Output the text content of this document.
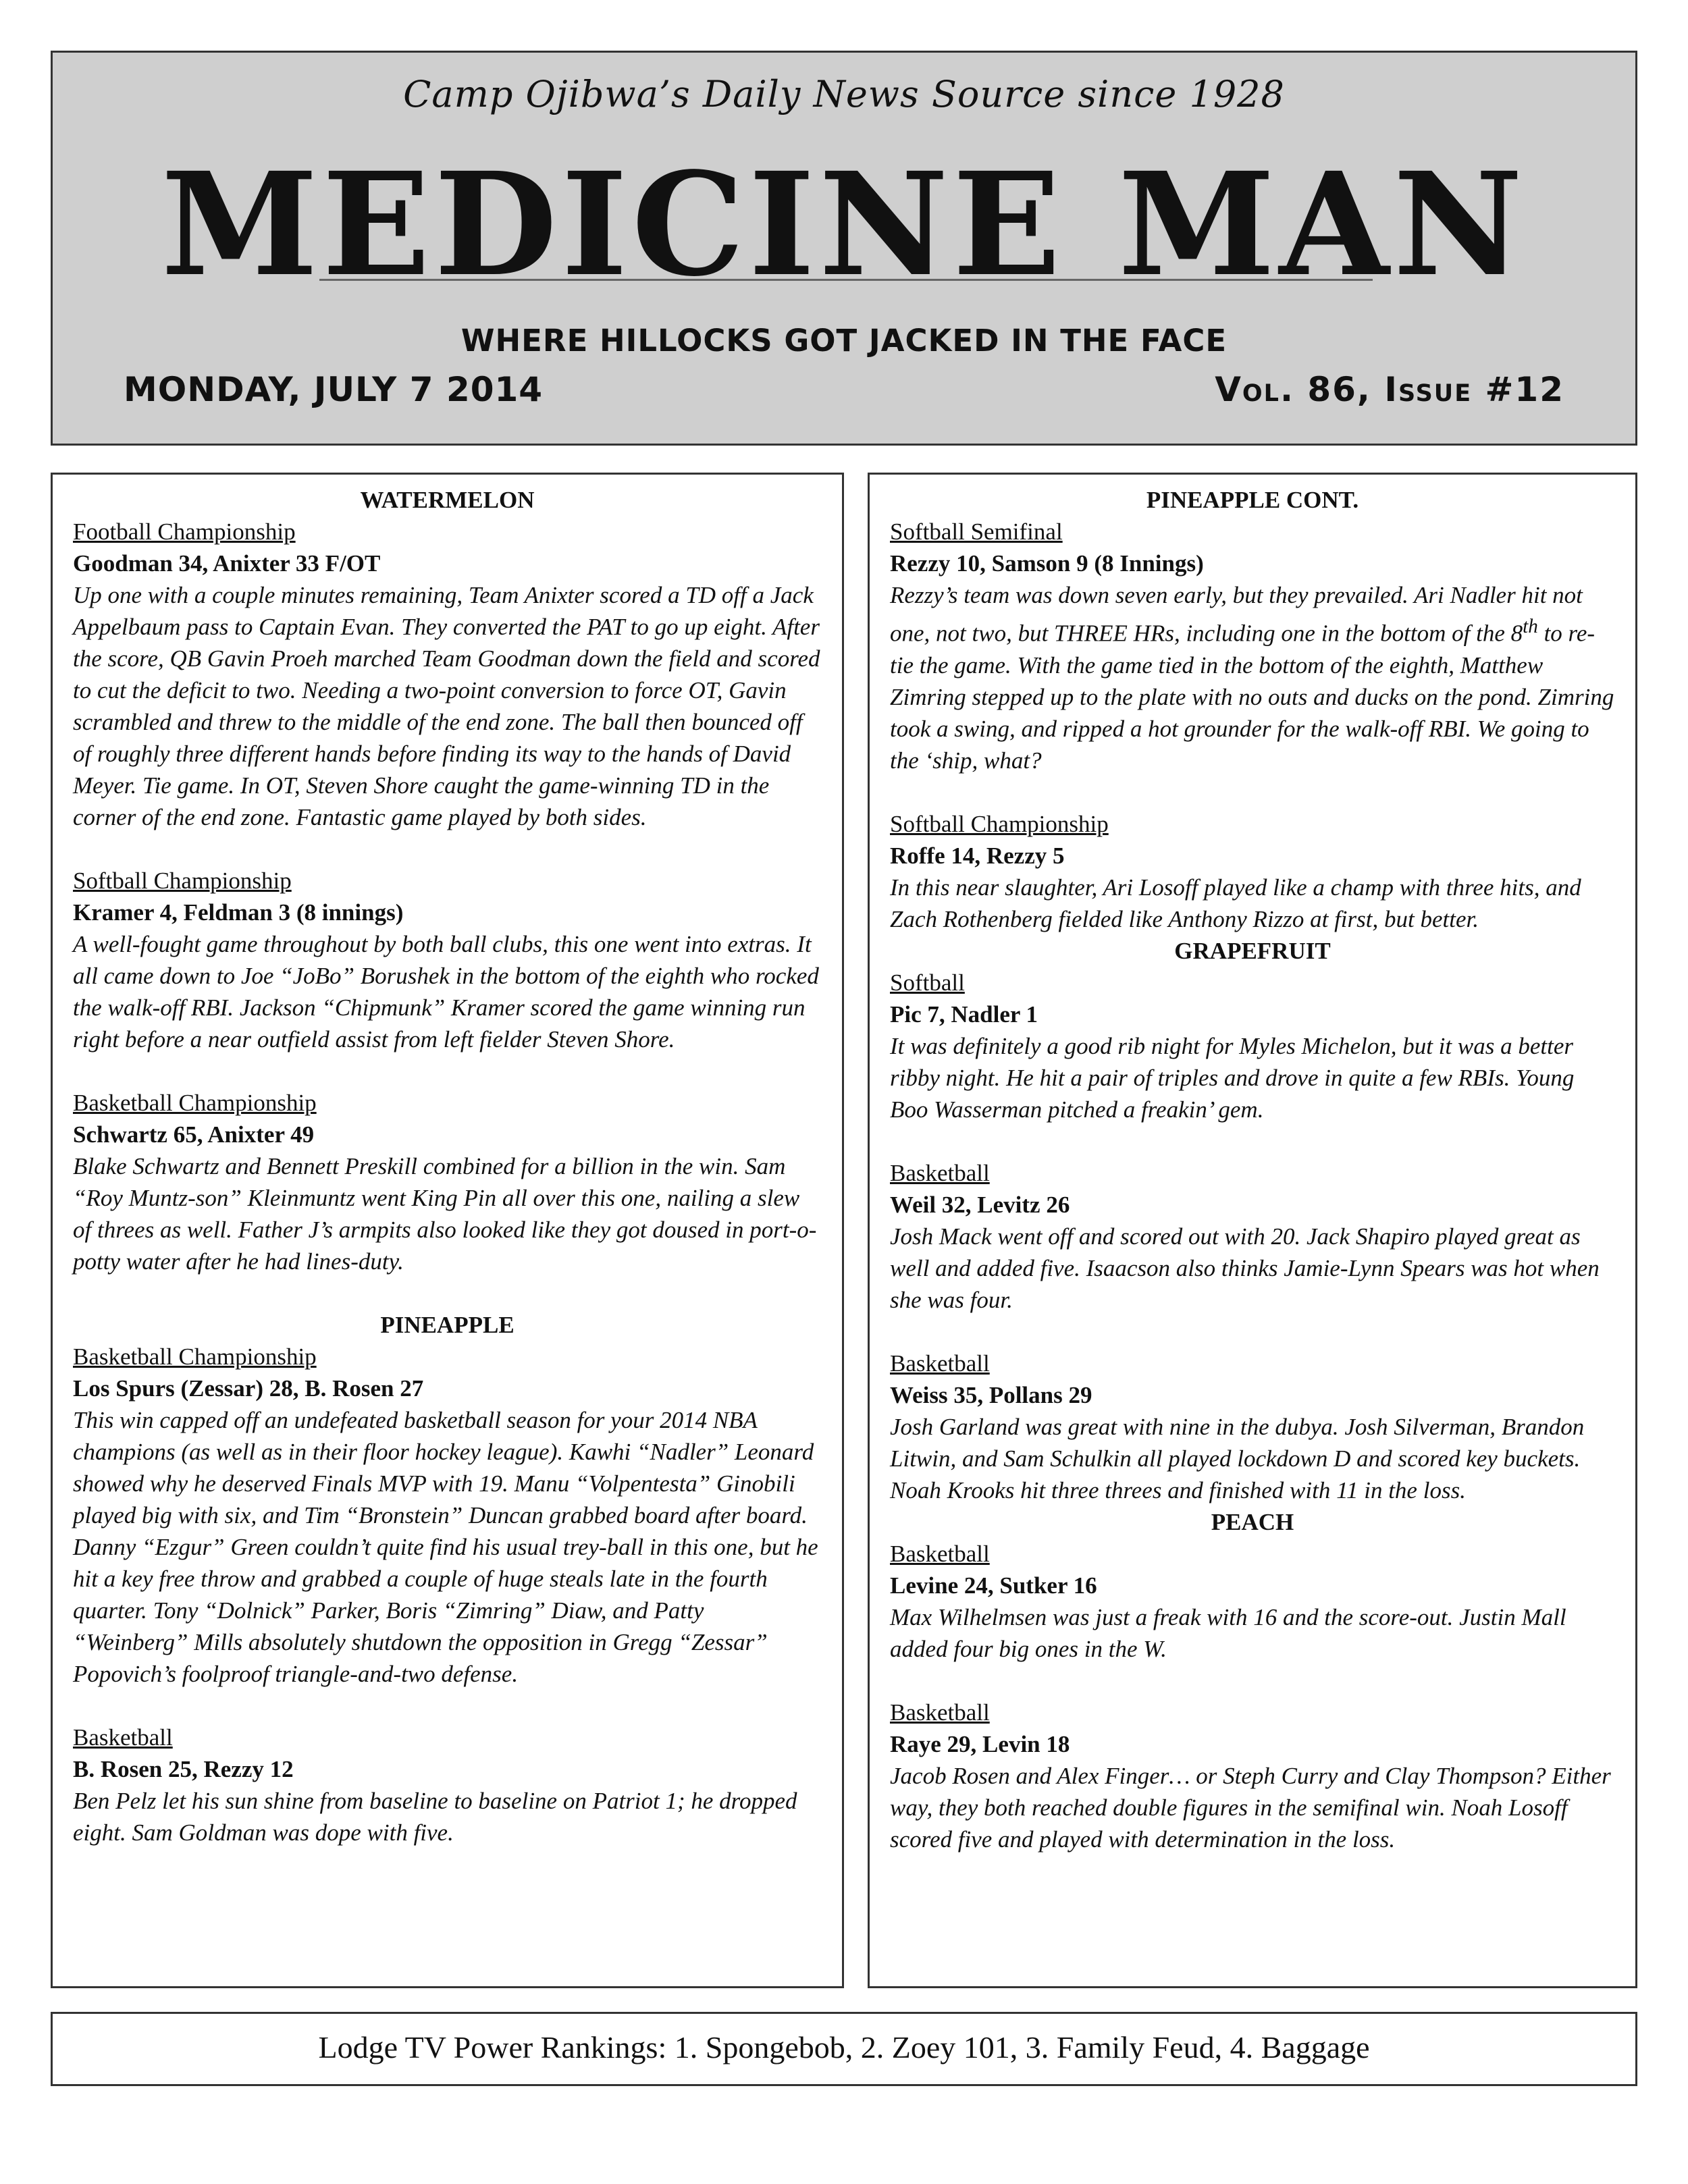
Camp Ojibwa’s Daily News Source since 1928
MEDICINE MAN
WHERE HILLOCKS GOT JACKED IN THE FACE
MONDAY, JULY 7 2014	Vol. 86, Issue #12
WATERMELON
Football Championship
Goodman 34, Anixter 33 F/OT
Up one with a couple minutes remaining, Team Anixter scored a TD off a Jack Appelbaum pass to Captain Evan. They converted the PAT to go up eight. After the score, QB Gavin Proeh marched Team Goodman down the field and scored to cut the deficit to two. Needing a two-point conversion to force OT, Gavin scrambled and threw to the middle of the end zone. The ball then bounced off of roughly three different hands before finding its way to the hands of David Meyer. Tie game. In OT, Steven Shore caught the game-winning TD in the corner of the end zone. Fantastic game played by both sides.
Softball Championship
Kramer 4, Feldman 3 (8 innings)
A well-fought game throughout by both ball clubs, this one went into extras. It all came down to Joe “JoBo” Borushek in the bottom of the eighth who rocked the walk-off RBI. Jackson “Chipmunk” Kramer scored the game winning run right before a near outfield assist from left fielder Steven Shore.
Basketball Championship
Schwartz 65, Anixter 49
Blake Schwartz and Bennett Preskill combined for a billion in the win. Sam “Roy Muntz-son” Kleinmuntz went King Pin all over this one, nailing a slew of threes as well. Father J’s armpits also looked like they got doused in port-o-potty water after he had lines-duty.
PINEAPPLE
Basketball Championship
Los Spurs (Zessar) 28, B. Rosen 27
This win capped off an undefeated basketball season for your 2014 NBA champions (as well as in their floor hockey league). Kawhi “Nadler” Leonard showed why he deserved Finals MVP with 19. Manu “Volpentesta” Ginobili played big with six, and Tim “Bronstein” Duncan grabbed board after board. Danny “Ezgur” Green couldn’t quite find his usual trey-ball in this one, but he hit a key free throw and grabbed a couple of huge steals late in the fourth quarter. Tony “Dolnick” Parker, Boris “Zimring” Diaw, and Patty “Weinberg” Mills absolutely shutdown the opposition in Gregg “Zessar” Popovich’s foolproof triangle-and-two defense.
Basketball
B. Rosen 25, Rezzy 12
Ben Pelz let his sun shine from baseline to baseline on Patriot 1; he dropped eight. Sam Goldman was dope with five.
PINEAPPLE CONT.
Softball Semifinal
Rezzy 10, Samson 9 (8 Innings)
Rezzy’s team was down seven early, but they prevailed. Ari Nadler hit not one, not two, but THREE HRs, including one in the bottom of the 8th to re-tie the game. With the game tied in the bottom of the eighth, Matthew Zimring stepped up to the plate with no outs and ducks on the pond. Zimring took a swing, and ripped a hot grounder for the walk-off RBI. We going to the ‘ship, what?
Softball Championship
Roffe 14, Rezzy 5
In this near slaughter, Ari Losoff played like a champ with three hits, and Zach Rothenberg fielded like Anthony Rizzo at first, but better.
GRAPEFRUIT
Softball
Pic 7, Nadler 1
It was definitely a good rib night for Myles Michelon, but it was a better ribby night. He hit a pair of triples and drove in quite a few RBIs. Young Boo Wasserman pitched a freakin’ gem.
Basketball
Weil 32, Levitz 26
Josh Mack went off and scored out with 20. Jack Shapiro played great as well and added five. Isaacson also thinks Jamie-Lynn Spears was hot when she was four.
Basketball
Weiss 35, Pollans 29
Josh Garland was great with nine in the dubya. Josh Silverman, Brandon Litwin, and Sam Schulkin all played lockdown D and scored key buckets. Noah Krooks hit three threes and finished with 11 in the loss.
PEACH
Basketball
Levine 24, Sutker 16
Max Wilhelmsen was just a freak with 16 and the score-out. Justin Mall added four big ones in the W.
Basketball
Raye 29, Levin 18
Jacob Rosen and Alex Finger… or Steph Curry and Clay Thompson? Either way, they both reached double figures in the semifinal win. Noah Losoff scored five and played with determination in the loss.
Lodge TV Power Rankings: 1. Spongebob, 2. Zoey 101, 3. Family Feud, 4. Baggage
